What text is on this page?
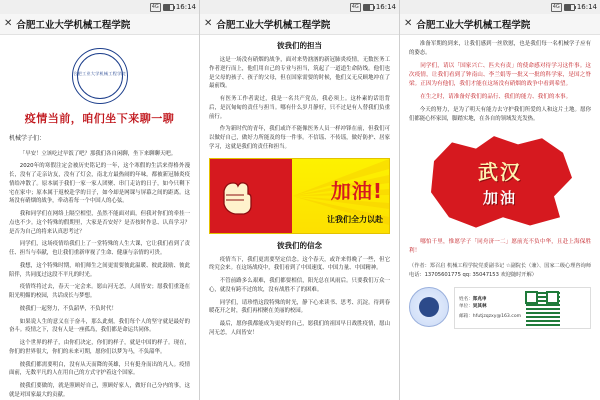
4G 16:14
✕ 合肥工业大学机械工程学院
合肥工业大学机械工程学院
疫情当前，咱们坐下来聊一聊

机械学子们：

「早安！立该吃过早饭了吧？那我们各自闲聊，坐下来聊聊天吧。

2020年的寒假注定会被历史铭记的一年，这个寒假的生活来得格外漫长，没有了走亲访友，没有了灯会，南北方最热闹的年味，都被新冠肺炎疫情给冲散了。原本属于我们一家一家人团聚、串门走访的日子，如今只剩下宅在家中；原本属于返校赴学的日子，如今却是网课与屏幕之间的距离。这场没有硝烟的战争，牵动着每一个中国人的心弦。

我和同学们在网络上隔空相望，虽然不能面对面，但我对你们的牵挂一点也不少。这个特殊的假期里，大家是否安好？是否按时作息、认真学习？是否为自己的将来认真思考过？

同学们，这场疫情给我们上了一堂特殊的人生大课，它让我们看到了责任、担当与奉献，也让我们重新审视了生命、健康与亲情的可贵。

我想，这个特殊时期，咱们师生之间更需要彼此温暖、彼此鼓励、彼此陪伴，共同度过这段不平凡的时光。

疫情终将过去，春天一定会来。愿山河无恙，人间皆安；愿我们重逢在阳光明媚的校园，共话成长与梦想。

彼我们一起努力，不负韶华，不负时代！

如果说人生的意义在于奋斗，那么此刻，我们每个人的坚守就是最好的奋斗。疫情之下，没有人是一座孤岛，我们都是命运共同体。

这个世界的样子，由你们决定，你们的样子，就是中国的样子。现在，你们的世界很大，你们的未来可期，愿你们以梦为马，不负韶华。

彼我们都需要明白，没有从天而降的英雄，只有挺身而出的凡人。疫情面前，无数平凡的人在用自己的方式守护着这个国家。

彼我们要做的，就是照顾好自己，照顾好家人，做好自己分内的事，这就是对国家最大的贡献。

4G 16:14
✕ 合肥工业大学机械工程学院
彼我们的担当

这是一场没有硝烟的战争，面对来势汹汹的新冠肺炎疫情，无数医务工作者逆行而上，他们用自己的专业与担当，筑起了一道道生命防线。他们也是父母的孩子、孩子的父母，但在国家需要的时候，他们义无反顾地冲在了最前线。

有医务工作者说过，我是一名共产党员，我必须上。这朴素的话语背后，是沉甸甸的责任与担当。哪有什么岁月静好，只不过是有人替我们负重前行。

作为新时代的青年，我们或许不能像医务人员一样冲锋在前，但我们可以做好自己，做好力所能及的每一件事。不信谣、不传谣，做好防护、居家学习，这就是我们的责任和担当。

加油!
让我们全力以赴
彼我们的信念

疫情当下，我们更需要坚定信念。这个春天，或许来得晚了一些，但它终究会来。在这场战疫中，我们看到了中国速度、中国力量、中国精神。

不管前路多么艰难，我们都要相信，阳光总在风雨后。只要我们万众一心，就没有跨不过的坎，没有战胜不了的困难。

同学们，请珍惜这段特殊的时光，静下心来读书、思考、沉淀。待到春暖花开之时，我们再相聚在美丽的校园。

最后，愿你我都能成为更好的自己，愿我们的祖国早日战胜疫情，愿山河无恙，人间皆安！

4G 16:14
✕ 合肥工业大学机械工程学院

准备军期的到来，让我们感到一丝欣慰，也是我们每一名机械学子应有的姿态。

同学们，请以「国家兴亡、匹夫有责」的使命感对待学习这件事。这次疫情，让我们看到了钟南山、李兰娟等一批又一批的科学家，是国之脊梁。正因为有他们，我们才能在这场没有硝烟的战争中看到希望。

在生之时，请准备好我们的品行、我们的能力、我们的本事。

今天的努力，是为了明天有能力去守护我们所爱的人和这片土地。愿你们都能心怀家国，脚踏实地，在各自的领域发光发热。

武汉
加油

哪怕千里，惟愿学子「同舟济一二」愿前光不负中华，且赴上海保胜利！

（作者：郑召启 机械工程学院党委副书记 ☆副院长（兼）、国家二级心理咨询师 电话：13705601775 qq: 35047153 欢迎随时开解）

姓名：郑兆申
单位：吴其林
邮箱：hfutjzqzxy@163.com
